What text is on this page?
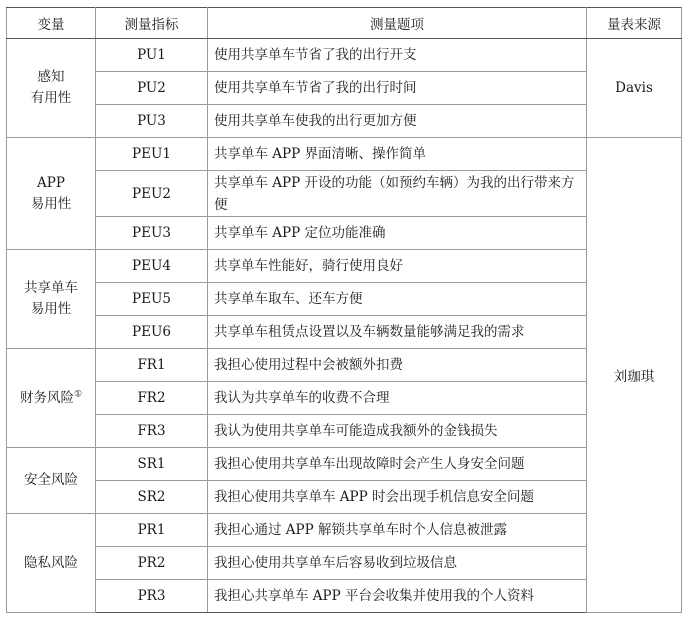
变量	测量指标	测量题项	量表来源

感知
有用性	PU1	使用共享单车节省了我的出行开支	Davis
	PU2	使用共享单车节省了我的出行时间	
	PU3	使用共享单车使我的出行更加方便	

APP
易用性	PEU1	共享单车 APP 界面清晰、操作简单	刘珈琪
	PEU2	共享单车 APP 开设的功能（如预约车辆）为我的出行带来方便	
	PEU3	共享单车 APP 定位功能准确	

共享单车
易用性	PEU4	共享单车性能好，骑行使用良好	
	PEU5	共享单车取车、还车方便	
	PEU6	共享单车租赁点设置以及车辆数量能够满足我的需求	
财务风险①	FR1	我担心使用过程中会被额外扣费	
	FR2	我认为共享单车的收费不合理	
	FR3	我认为使用共享单车可能造成我额外的金钱损失	
安全风险	SR1	我担心使用共享单车出现故障时会产生人身安全问题	
	SR2	我担心使用共享单车 APP 时会出现手机信息安全问题	
隐私风险	PR1	我担心通过 APP 解锁共享单车时个人信息被泄露	
	PR2	我担心使用共享单车后容易收到垃圾信息	
	PR3	我担心共享单车 APP 平台会收集并使用我的个人资料	
